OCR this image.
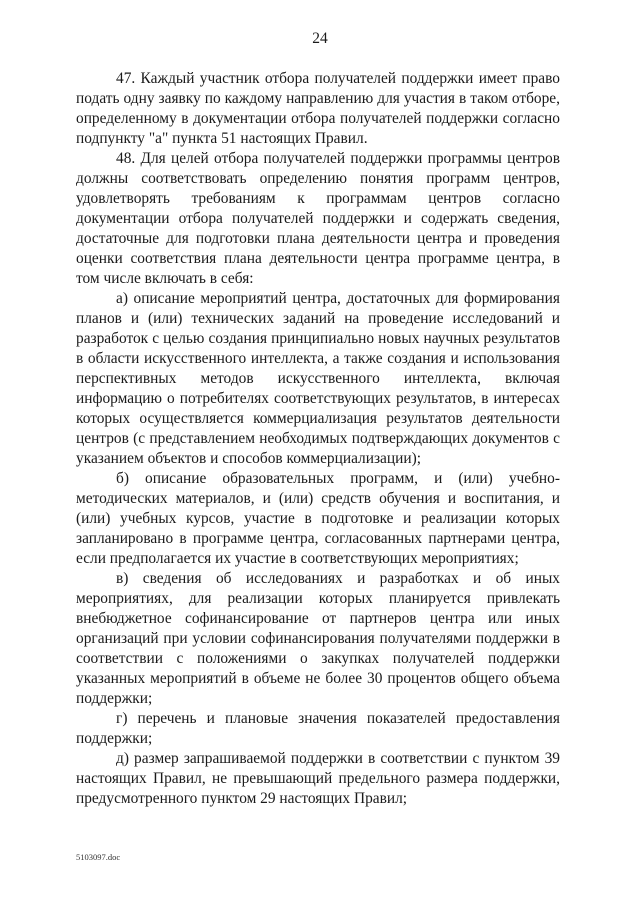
24

47. Каждый участник отбора получателей поддержки имеет право подать одну заявку по каждому направлению для участия в таком отборе, определенному в документации отбора получателей поддержки согласно подпункту "а" пункта 51 настоящих Правил.

48. Для целей отбора получателей поддержки программы центров должны соответствовать определению понятия программ центров, удовлетворять требованиям к программам центров согласно документации отбора получателей поддержки и содержать сведения, достаточные для подготовки плана деятельности центра и проведения оценки соответствия плана деятельности центра программе центра, в том числе включать в себя:

а) описание мероприятий центра, достаточных для формирования планов и (или) технических заданий на проведение исследований и разработок с целью создания принципиально новых научных результатов в области искусственного интеллекта, а также создания и использования перспективных методов искусственного интеллекта, включая информацию о потребителях соответствующих результатов, в интересах которых осуществляется коммерциализация результатов деятельности центров (с представлением необходимых подтверждающих документов с указанием объектов и способов коммерциализации);

б) описание образовательных программ, и (или) учебно-методических материалов, и (или) средств обучения и воспитания, и (или) учебных курсов, участие в подготовке и реализации которых запланировано в программе центра, согласованных партнерами центра, если предполагается их участие в соответствующих мероприятиях;

в) сведения об исследованиях и разработках и об иных мероприятиях, для реализации которых планируется привлекать внебюджетное софинансирование от партнеров центра или иных организаций при условии софинансирования получателями поддержки в соответствии с положениями о закупках получателей поддержки указанных мероприятий в объеме не более 30 процентов общего объема поддержки;

г) перечень и плановые значения показателей предоставления поддержки;

д) размер запрашиваемой поддержки в соответствии с пунктом 39 настоящих Правил, не превышающий предельного размера поддержки, предусмотренного пунктом 29 настоящих Правил;

5103097.doc
